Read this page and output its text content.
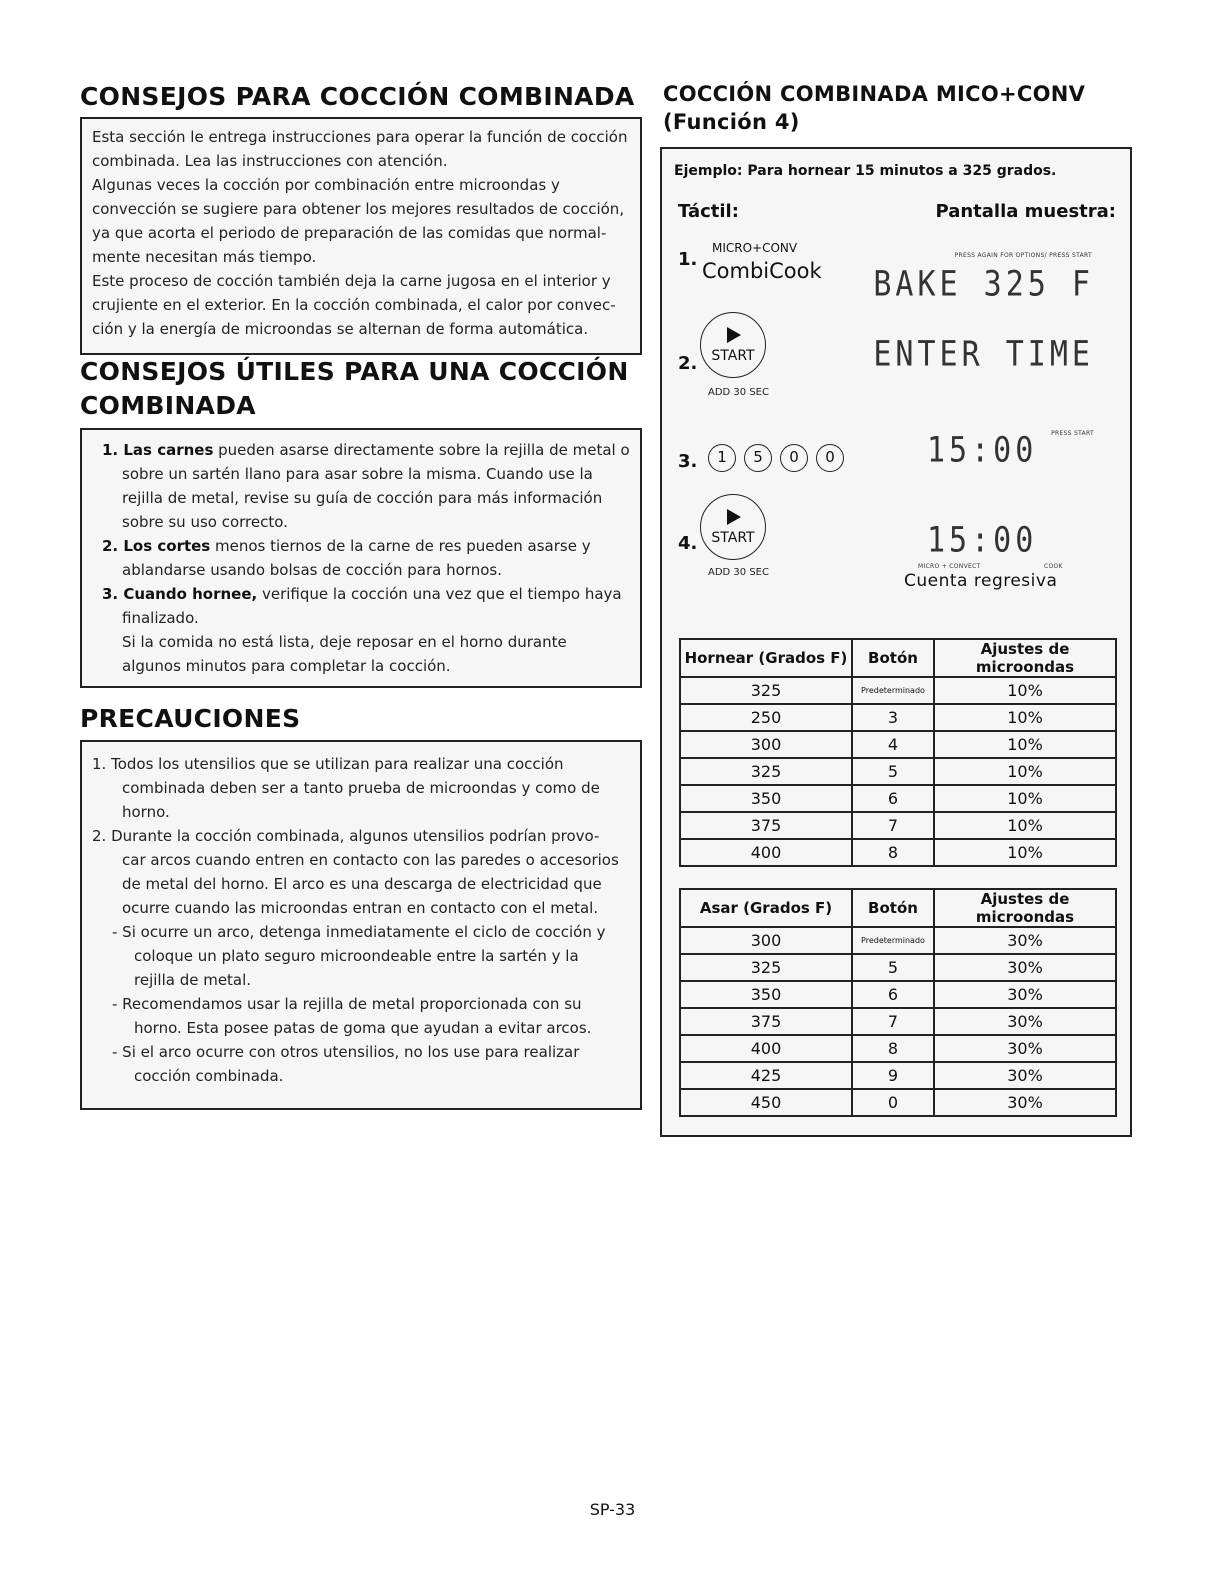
CONSEJOS PARA COCCIÓN COMBINADA
Esta sección le entrega instrucciones para operar la función de cocción
combinada. Lea las instrucciones con atención.
Algunas veces la cocción por combinación entre microondas y
convección se sugiere para obtener los mejores resultados de cocción,
ya que acorta el periodo de preparación de las comidas que normal-
mente necesitan más tiempo.
Este proceso de cocción también deja la carne jugosa en el interior y
crujiente en el exterior. En la cocción combinada, el calor por convec-
ción y la energía de microondas se alternan de forma automática.
CONSEJOS ÚTILES PARA UNA COCCIÓN
COMBINADA
1. Las carnes pueden asarse directamente sobre la rejilla de metal o
sobre un sartén llano para asar sobre la misma. Cuando use la
rejilla de metal, revise su guía de cocción para más información
sobre su uso correcto.
2. Los cortes menos tiernos de la carne de res pueden asarse y
ablandarse usando bolsas de cocción para hornos.
3. Cuando hornee, verifique la cocción una vez que el tiempo haya
finalizado.
Si la comida no está lista, deje reposar en el horno durante
algunos minutos para completar la cocción.
PRECAUCIONES
1. Todos los utensilios que se utilizan para realizar una cocción
combinada deben ser a tanto prueba de microondas y como de
horno.
2. Durante la cocción combinada, algunos utensilios podrían provo-
car arcos cuando entren en contacto con las paredes o accesorios
de metal del horno. El arco es una descarga de electricidad que
ocurre cuando las microondas entran en contacto con el metal.
- Si ocurre un arco, detenga inmediatamente el ciclo de cocción y
coloque un plato seguro microondeable entre la sartén y la
rejilla de metal.
- Recomendamos usar la rejilla de metal proporcionada con su
horno. Esta posee patas de goma que ayudan a evitar arcos.
- Si el arco ocurre con otros utensilios, no los use para realizar
cocción combinada.
COCCIÓN COMBINADA MICO+CONV
(Función 4)
Ejemplo: Para hornear 15 minutos a 325 grados.
Táctil:	Pantalla muestra:
1.
MICRO+CONV
CombiCook
PRESS AGAIN FOR OPTIONS/ PRESS START
BAKE 325 F
2.	START
ADD 30 SEC
ENTER TIME
3.	1	5	0	0
PRESS START
15:00
4.	START
ADD 30 SEC
15:00
MICRO + CONVECT	COOK
Cuenta regresiva
Hornear (Grados F)	Botón	Ajustes de microondas
325	Predeterminado	10%
250	3	10%
300	4	10%
325	5	10%
350	6	10%
375	7	10%
400	8	10%
Asar (Grados F)	Botón	Ajustes de microondas
300	Predeterminado	30%
325	5	30%
350	6	30%
375	7	30%
400	8	30%
425	9	30%
450	0	30%
SP-33
